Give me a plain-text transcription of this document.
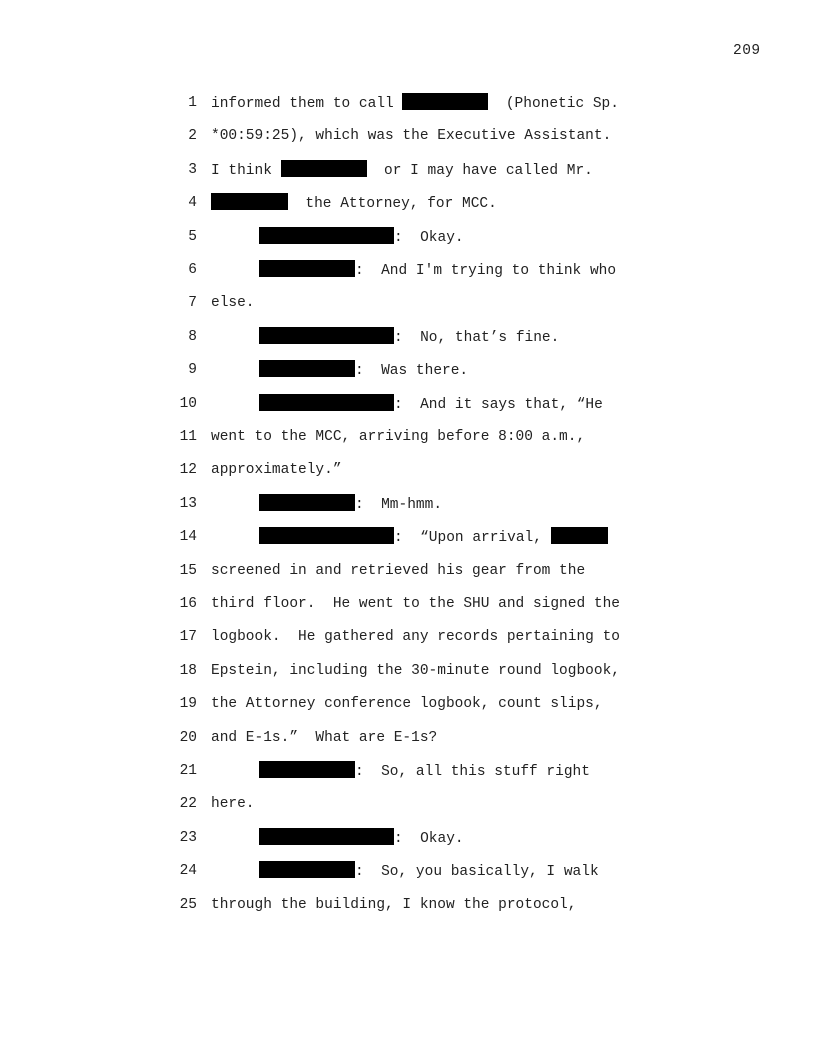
209
1 informed them to call	(Phonetic Sp.
2 *00:59:25), which was the Executive Assistant.
3 I think	or I may have called Mr.
4	the Attorney, for MCC.
5	:  Okay.
6	:  And I'm trying to think who
7 else.
8	:  No, that’s fine.
9	:  Was there.
10	:  And it says that, “He
11 went to the MCC, arriving before 8:00 a.m.,
12 approximately.”
13	:  Mm-hmm.
14	:  “Upon arrival,
15 screened in and retrieved his gear from the
16 third floor.  He went to the SHU and signed the
17 logbook.  He gathered any records pertaining to
18 Epstein, including the 30-minute round logbook,
19 the Attorney conference logbook, count slips,
20 and E-1s.”  What are E-1s?
21	:  So, all this stuff right
22 here.
23	:  Okay.
24	:  So, you basically, I walk
25 through the building, I know the protocol,
